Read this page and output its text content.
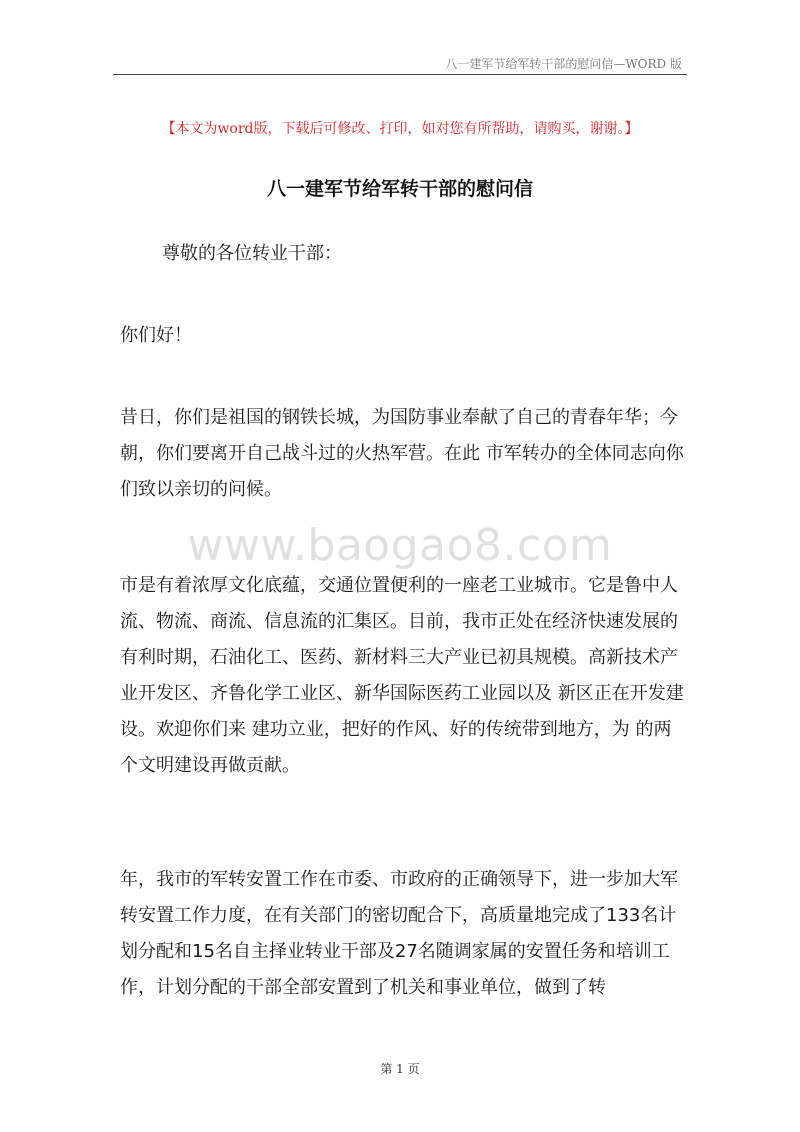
八一建军节给军转干部的慰问信—WORD 版
【本文为word版，下载后可修改、打印，如对您有所帮助，请购买，谢谢。】
八一建军节给军转干部的慰问信

尊敬的各位转业干部：

你们好！

昔日，你们是祖国的钢铁长城，为国防事业奉献了自己的青春年华；今朝，你们要离开自己战斗过的火热军营。在此 市军转办的全体同志向你们致以亲切的问候。

市是有着浓厚文化底蕴，交通位置便利的一座老工业城市。它是鲁中人流、物流、商流、信息流的汇集区。目前，我市正处在经济快速发展的有利时期，石油化工、医药、新材料三大产业已初具规模。高新技术产业开发区、齐鲁化学工业区、新华国际医药工业园以及 新区正在开发建设。欢迎你们来 建功立业，把好的作风、好的传统带到地方，为 的两个文明建设再做贡献。

年，我市的军转安置工作在市委、市政府的正确领导下，进一步加大军转安置工作力度，在有关部门的密切配合下，高质量地完成了133名计划分配和15名自主择业转业干部及27名随调家属的安置任务和培训工作，计划分配的干部全部安置到了机关和事业单位，做到了转

www.baogao8.com
第 1 页
